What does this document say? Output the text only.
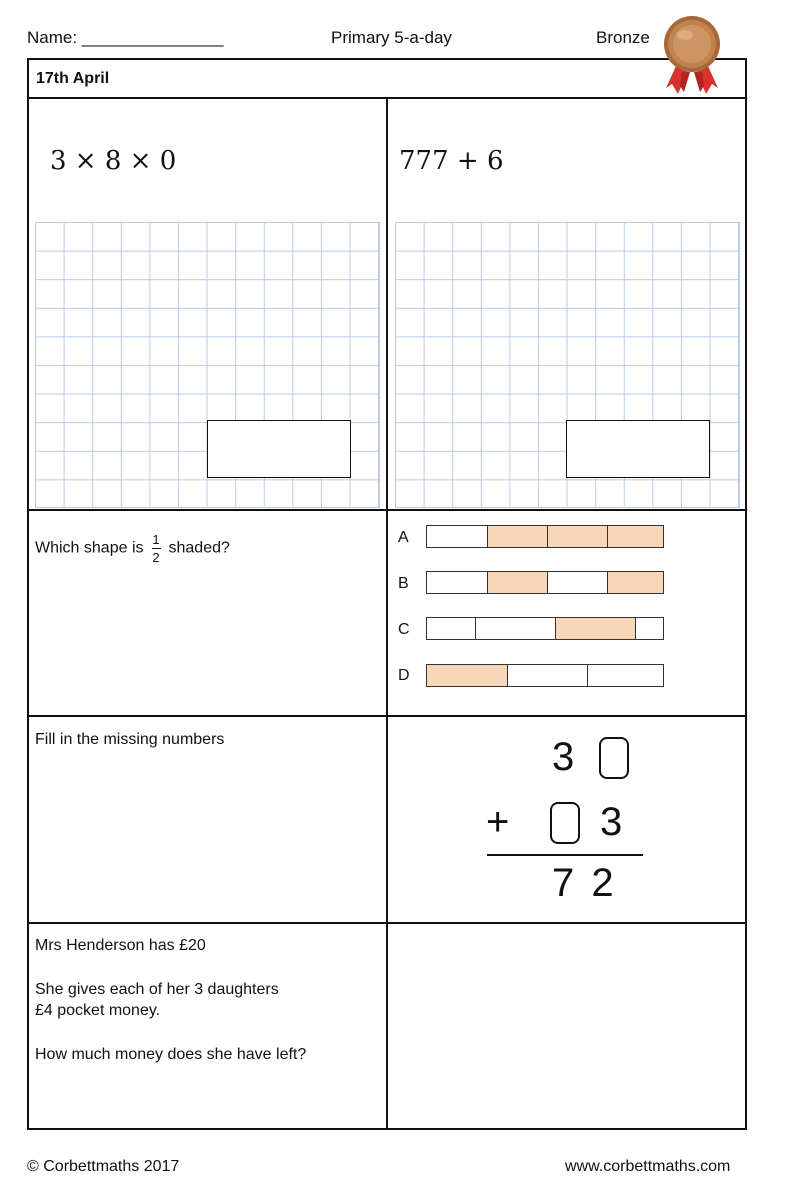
Name: _______________	Primary 5-a-day	Bronze
17th April
3 × 8 × 0	777 + 6
Which shape is $\frac{1}{2}$ shaded?
A
B
C
D
Fill in the missing numbers	3
+ 3
7 2
Mrs Henderson has £20
She gives each of her 3 daughters
£4 pocket money.
How much money does she have left?
© Corbettmaths 2017	www.corbettmaths.com
